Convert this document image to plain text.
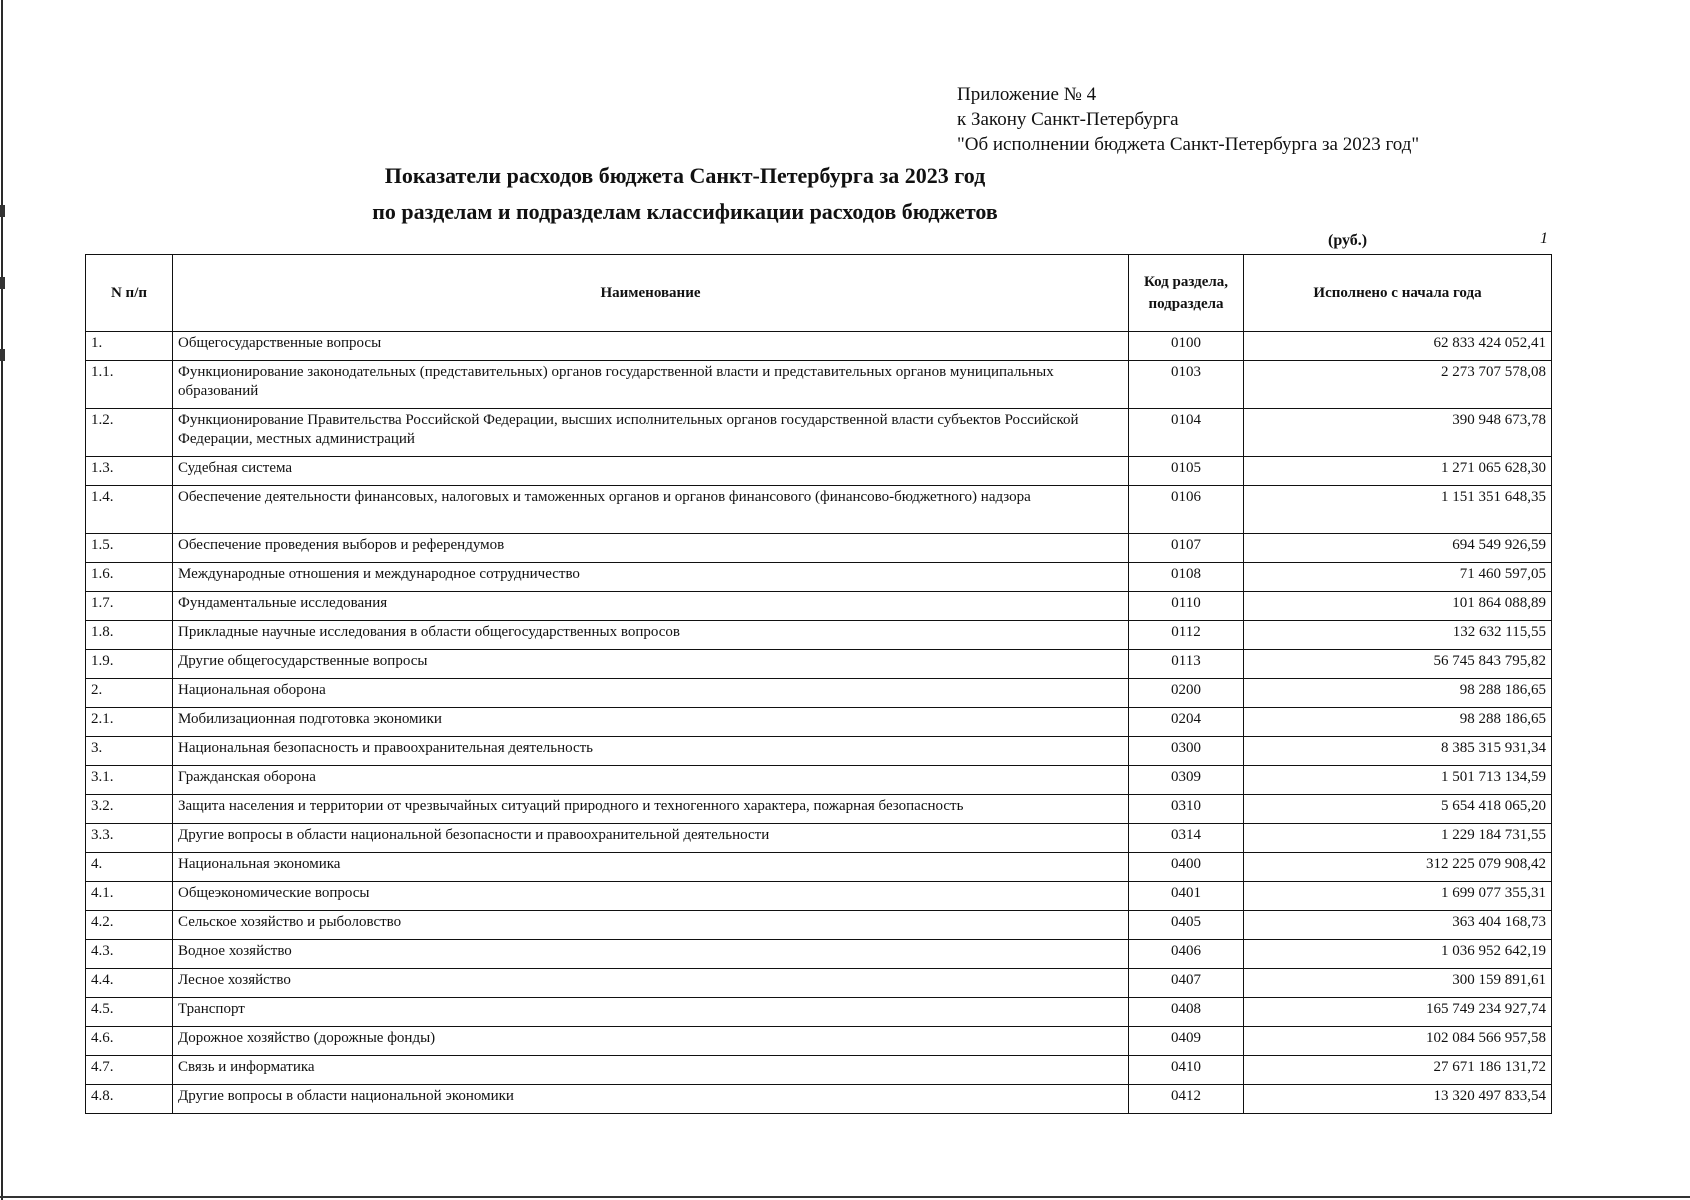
Приложение № 4
к Закону Санкт-Петербурга
"Об исполнении бюджета Санкт-Петербурга за 2023 год"
Показатели расходов бюджета Санкт-Петербурга за 2023 год
по разделам и подразделам классификации расходов бюджетов
(руб.)	1
N п/п	Наименование	Код раздела, подраздела	Исполнено с начала года
1.	Общегосударственные вопросы	0100	62 833 424 052,41
1.1.	Функционирование законодательных (представительных) органов государственной власти и представительных органов муниципальных образований	0103	2 273 707 578,08
1.2.	Функционирование Правительства Российской Федерации, высших исполнительных органов государственной власти субъектов Российской Федерации, местных администраций	0104	390 948 673,78
1.3.	Судебная система	0105	1 271 065 628,30
1.4.	Обеспечение деятельности финансовых, налоговых и таможенных органов и органов финансового (финансово-бюджетного) надзора	0106	1 151 351 648,35
1.5.	Обеспечение проведения выборов и референдумов	0107	694 549 926,59
1.6.	Международные отношения и международное сотрудничество	0108	71 460 597,05
1.7.	Фундаментальные исследования	0110	101 864 088,89
1.8.	Прикладные научные исследования в области общегосударственных вопросов	0112	132 632 115,55
1.9.	Другие общегосударственные вопросы	0113	56 745 843 795,82
2.	Национальная оборона	0200	98 288 186,65
2.1.	Мобилизационная подготовка экономики	0204	98 288 186,65
3.	Национальная безопасность и правоохранительная деятельность	0300	8 385 315 931,34
3.1.	Гражданская оборона	0309	1 501 713 134,59
3.2.	Защита населения и территории от чрезвычайных ситуаций природного и техногенного характера, пожарная безопасность	0310	5 654 418 065,20
3.3.	Другие вопросы в области национальной безопасности и правоохранительной деятельности	0314	1 229 184 731,55
4.	Национальная экономика	0400	312 225 079 908,42
4.1.	Общеэкономические вопросы	0401	1 699 077 355,31
4.2.	Сельское хозяйство и рыболовство	0405	363 404 168,73
4.3.	Водное хозяйство	0406	1 036 952 642,19
4.4.	Лесное хозяйство	0407	300 159 891,61
4.5.	Транспорт	0408	165 749 234 927,74
4.6.	Дорожное хозяйство (дорожные фонды)	0409	102 084 566 957,58
4.7.	Связь и информатика	0410	27 671 186 131,72
4.8.	Другие вопросы в области национальной экономики	0412	13 320 497 833,54
